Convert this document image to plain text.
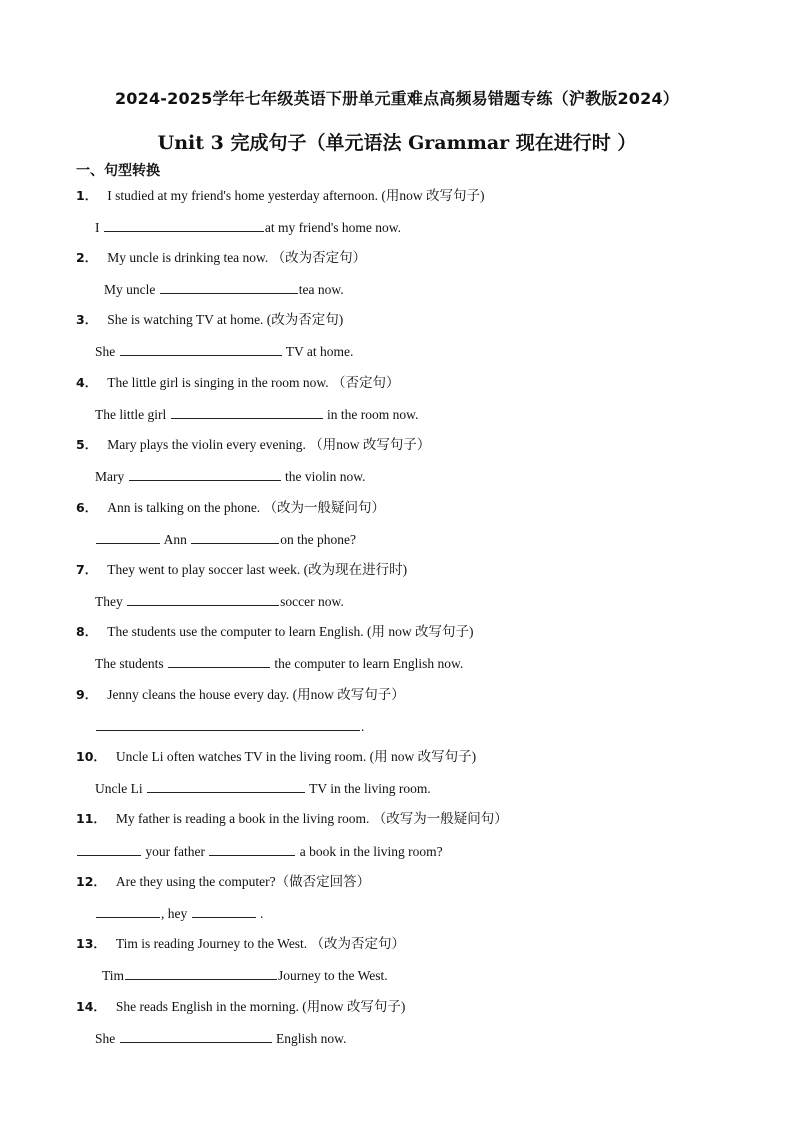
2024-2025学年七年级英语下册单元重难点高频易错题专练（沪教版2024）
Unit 3 完成句子（单元语法 Grammar 现在进行时 ）
一、句型转换
1． I studied at my friend's home yesterday afternoon. (用now 改写句子)
I	at my friend's home now.
2． My uncle is drinking tea now. （改为否定句）
My uncle	tea now.
3． She is watching TV at home. (改为否定句)
She	TV at home.
4． The little girl is singing in the room now. （否定句）
The little girl	in the room now.
5． Mary plays the violin every evening. （用now 改写句子）
Mary	the violin now.
6． Ann is talking on the phone. （改为一般疑问句）
Ann	on the phone?
7． They went to play soccer last week. (改为现在进行时)
They	soccer now.
8． The students use the computer to learn English. (用 now 改写句子)
The students	the computer to learn English now.
9． Jenny cleans the house every day. (用now 改写句子）
.
10． Uncle Li often watches TV in the living room. (用 now 改写句子)
Uncle Li	TV in the living room.
11． My father is reading a book in the living room. （改写为一般疑问句）
your father	a book in the living room?
12． Are they using the computer?（做否定回答）
, hey	.
13． Tim is reading Journey to the West. （改为否定句）
Tim	Journey to the West.
14． She reads English in the morning. (用now 改写句子)
She	English now.
